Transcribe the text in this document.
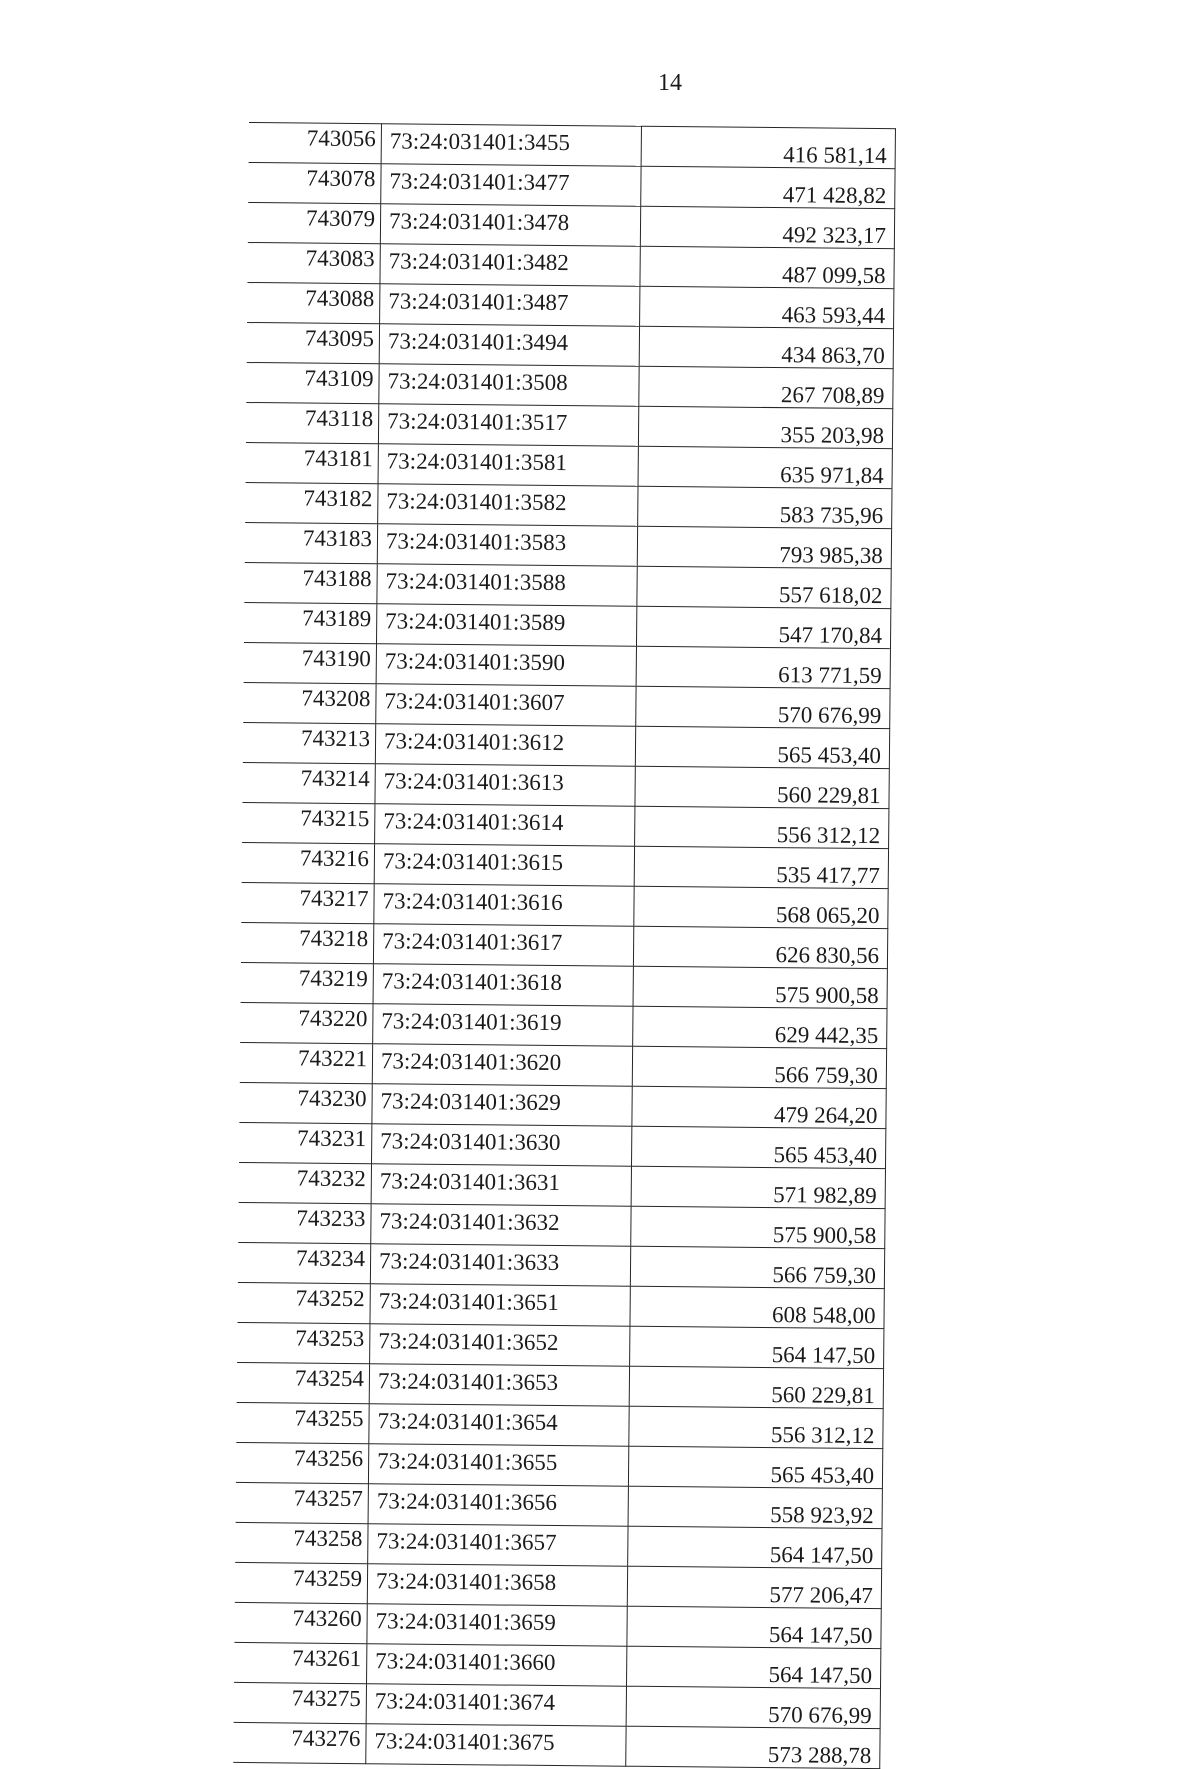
14
743056	73:24:031401:3455	416 581,14
743078	73:24:031401:3477	471 428,82
743079	73:24:031401:3478	492 323,17
743083	73:24:031401:3482	487 099,58
743088	73:24:031401:3487	463 593,44
743095	73:24:031401:3494	434 863,70
743109	73:24:031401:3508	267 708,89
743118	73:24:031401:3517	355 203,98
743181	73:24:031401:3581	635 971,84
743182	73:24:031401:3582	583 735,96
743183	73:24:031401:3583	793 985,38
743188	73:24:031401:3588	557 618,02
743189	73:24:031401:3589	547 170,84
743190	73:24:031401:3590	613 771,59
743208	73:24:031401:3607	570 676,99
743213	73:24:031401:3612	565 453,40
743214	73:24:031401:3613	560 229,81
743215	73:24:031401:3614	556 312,12
743216	73:24:031401:3615	535 417,77
743217	73:24:031401:3616	568 065,20
743218	73:24:031401:3617	626 830,56
743219	73:24:031401:3618	575 900,58
743220	73:24:031401:3619	629 442,35
743221	73:24:031401:3620	566 759,30
743230	73:24:031401:3629	479 264,20
743231	73:24:031401:3630	565 453,40
743232	73:24:031401:3631	571 982,89
743233	73:24:031401:3632	575 900,58
743234	73:24:031401:3633	566 759,30
743252	73:24:031401:3651	608 548,00
743253	73:24:031401:3652	564 147,50
743254	73:24:031401:3653	560 229,81
743255	73:24:031401:3654	556 312,12
743256	73:24:031401:3655	565 453,40
743257	73:24:031401:3656	558 923,92
743258	73:24:031401:3657	564 147,50
743259	73:24:031401:3658	577 206,47
743260	73:24:031401:3659	564 147,50
743261	73:24:031401:3660	564 147,50
743275	73:24:031401:3674	570 676,99
743276	73:24:031401:3675	573 288,78
